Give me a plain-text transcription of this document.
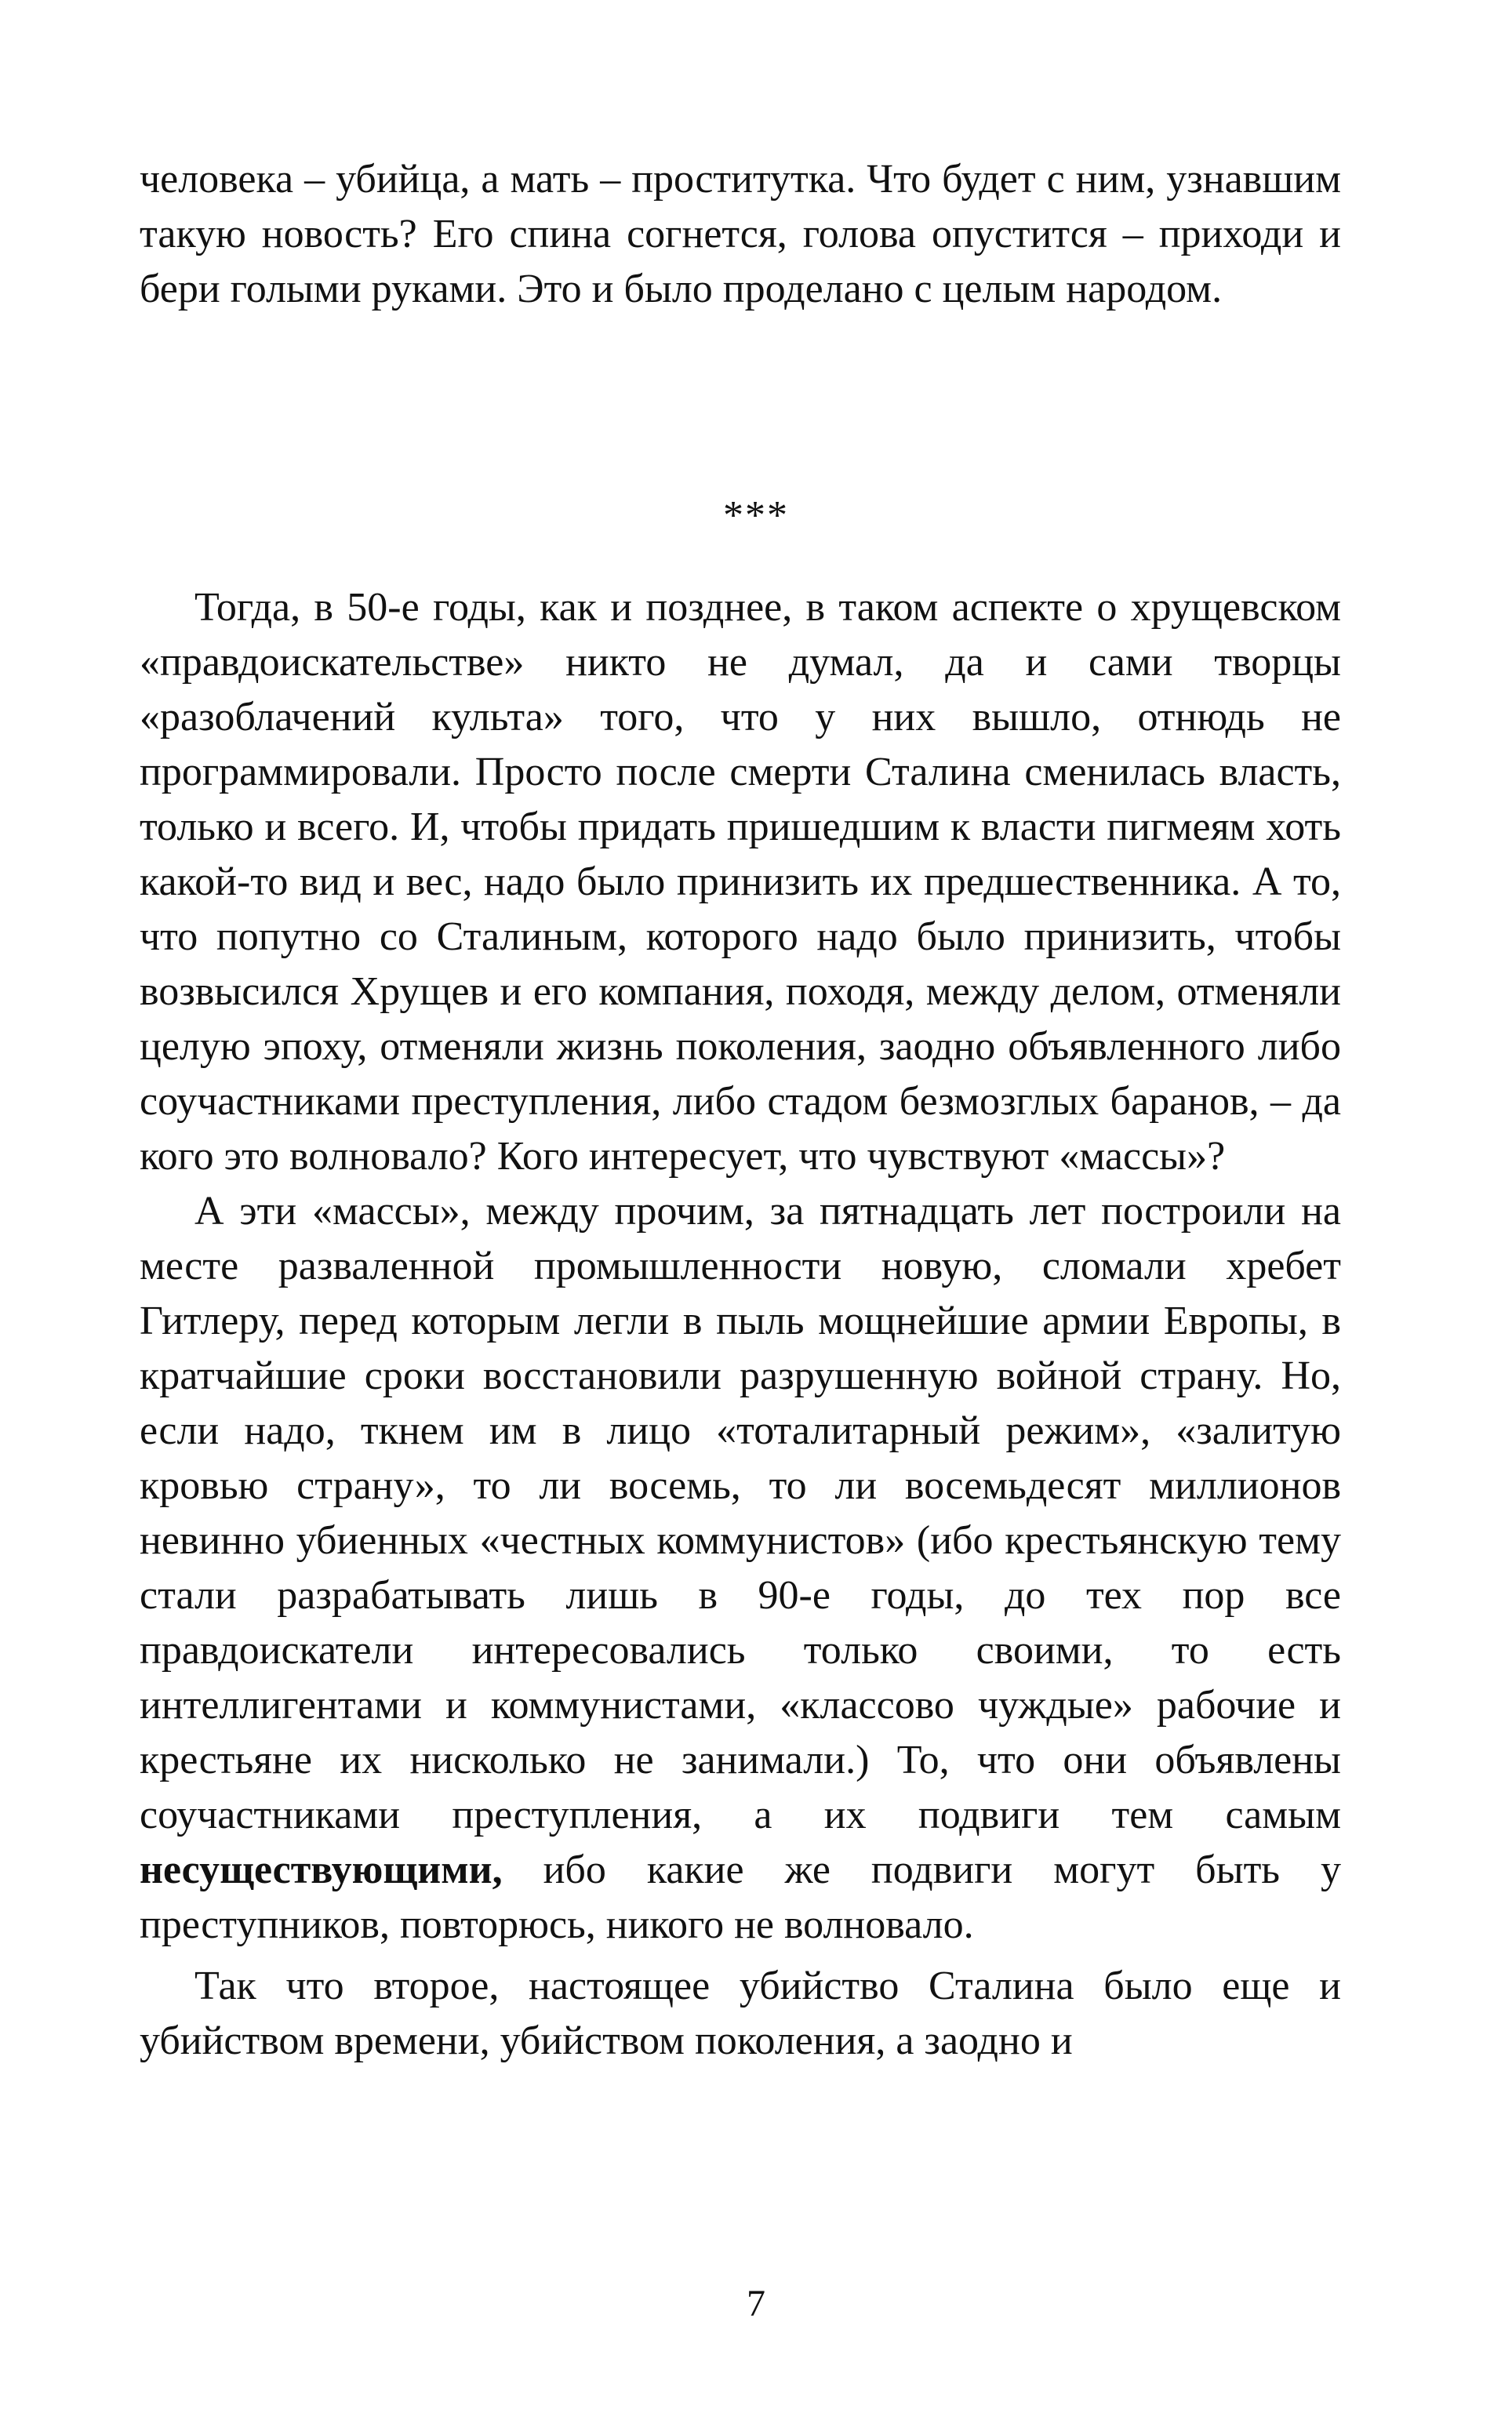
человека – убийца, а мать – проститутка. Что будет с ним, узнавшим такую новость? Его спина согнется, голова опустится – приходи и бери голыми руками. Это и было проделано с целым народом.

***

Тогда, в 50-е годы, как и позднее, в таком аспекте о хрущевском «правдоискательстве» никто не думал, да и сами творцы «разоблачений культа» того, что у них вышло, отнюдь не программировали. Просто после смерти Сталина сменилась власть, только и всего. И, чтобы придать пришедшим к власти пигмеям хоть какой-то вид и вес, надо было принизить их предшественника. А то, что попутно со Сталиным, которого надо было принизить, чтобы возвысился Хрущев и его компания, походя, между делом, отменяли целую эпоху, отменяли жизнь поколения, заодно объявленного либо соучастниками преступления, либо стадом безмозглых баранов, – да кого это волновало? Кого интересует, что чувствуют «массы»?

А эти «массы», между прочим, за пятнадцать лет построили на месте разваленной промышленности новую, сломали хребет Гитлеру, перед которым легли в пыль мощнейшие армии Европы, в кратчайшие сроки восстановили разрушенную войной страну. Но, если надо, ткнем им в лицо «тоталитарный режим», «залитую кровью страну», то ли восемь, то ли восемьдесят миллионов невинно убиенных «честных коммунистов» (ибо крестьянскую тему стали разрабатывать лишь в 90-е годы, до тех пор все правдоискатели интересовались только своими, то есть интеллигентами и коммунистами, «классово чуждые» рабочие и крестьяне их нисколько не занимали.) То, что они объявлены соучастниками преступления, а их подвиги тем самым несуществующими, ибо какие же подвиги могут быть у преступников, повторюсь, никого не волновало.

Так что второе, настоящее убийство Сталина было еще и убийством времени, убийством поколения, а заодно и

7
